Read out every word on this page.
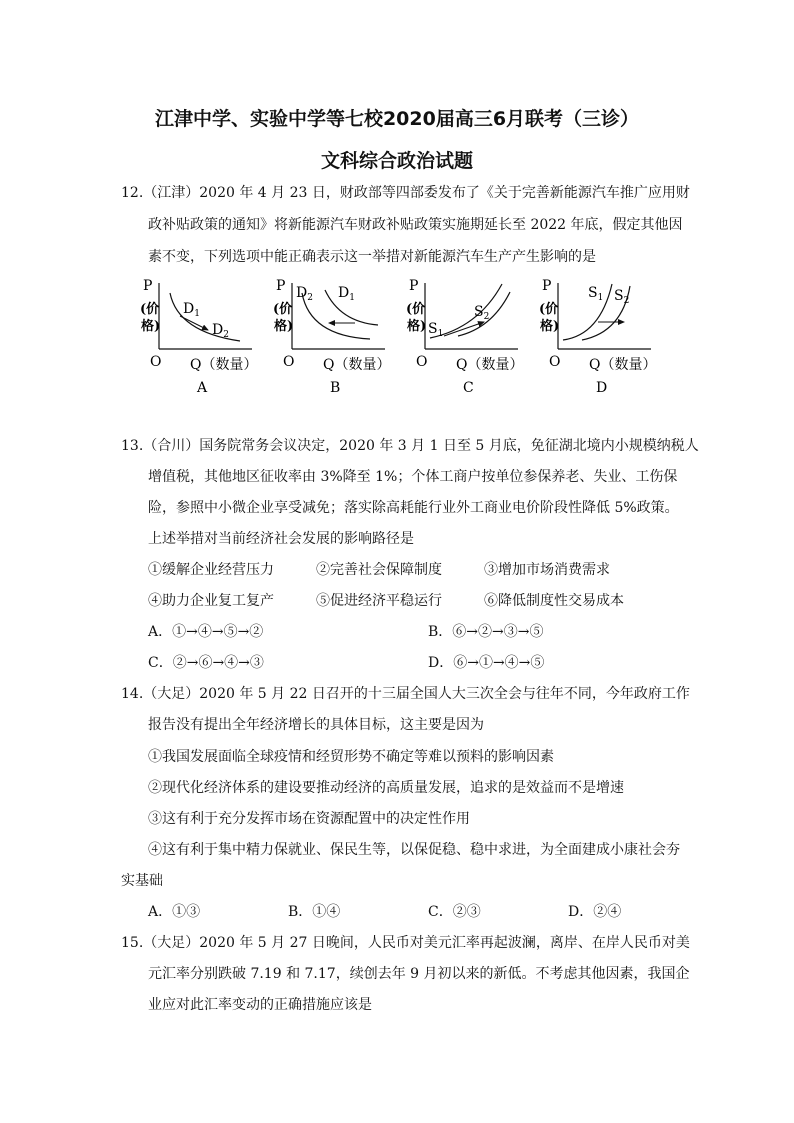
江津中学、实验中学等七校2020届高三6月联考（三诊）
文科综合政治试题
12.（江津）2020 年 4 月 23 日，财政部等四部委发布了《关于完善新能源汽车推广应用财
政补贴政策的通知》将新能源汽车财政补贴政策实施期延长至 2022 年底，假定其他因
素不变，下列选项中能正确表示这一举措对新能源汽车生产产生影响的是
P
(价
格)
O Q（数量）
$D_1$
$D_2$
A
P
(价
格)
O Q（数量）
$D_2$ $D_1$
B
P
(价
格)
O Q（数量）
$S_1$
$S_2$
C
P
(价
格)
O Q（数量）
$S_1$ $S_2$
D
13.（合川）国务院常务会议决定，2020 年 3 月 1 日至 5 月底，免征湖北境内小规模纳税人
增值税，其他地区征收率由 3%降至 1%；个体工商户按单位参保养老、失业、工伤保
险，参照中小微企业享受减免；落实除高耗能行业外工商业电价阶段性降低 5%政策。
上述举措对当前经济社会发展的影响路径是
①缓解企业经营压力	②完善社会保障制度	③增加市场消费需求
④助力企业复工复产	⑤促进经济平稳运行	⑥降低制度性交易成本
A．①→④→⑤→②	B．⑥→②→③→⑤
C．②→⑥→④→③	D．⑥→①→④→⑤
14.（大足）2020 年 5 月 22 日召开的十三届全国人大三次全会与往年不同，今年政府工作
报告没有提出全年经济增长的具体目标，这主要是因为
①我国发展面临全球疫情和经贸形势不确定等难以预料的影响因素
②现代化经济体系的建设要推动经济的高质量发展，追求的是效益而不是增速
③这有利于充分发挥市场在资源配置中的决定性作用
④这有利于集中精力保就业、保民生等，以保促稳、稳中求进，为全面建成小康社会夯
实基础
A．①③	B．①④	C．②③	D．②④
15.（大足）2020 年 5 月 27 日晚间，人民币对美元汇率再起波澜，离岸、在岸人民币对美
元汇率分别跌破 7.19 和 7.17，续创去年 9 月初以来的新低。不考虑其他因素，我国企
业应对此汇率变动的正确措施应该是
